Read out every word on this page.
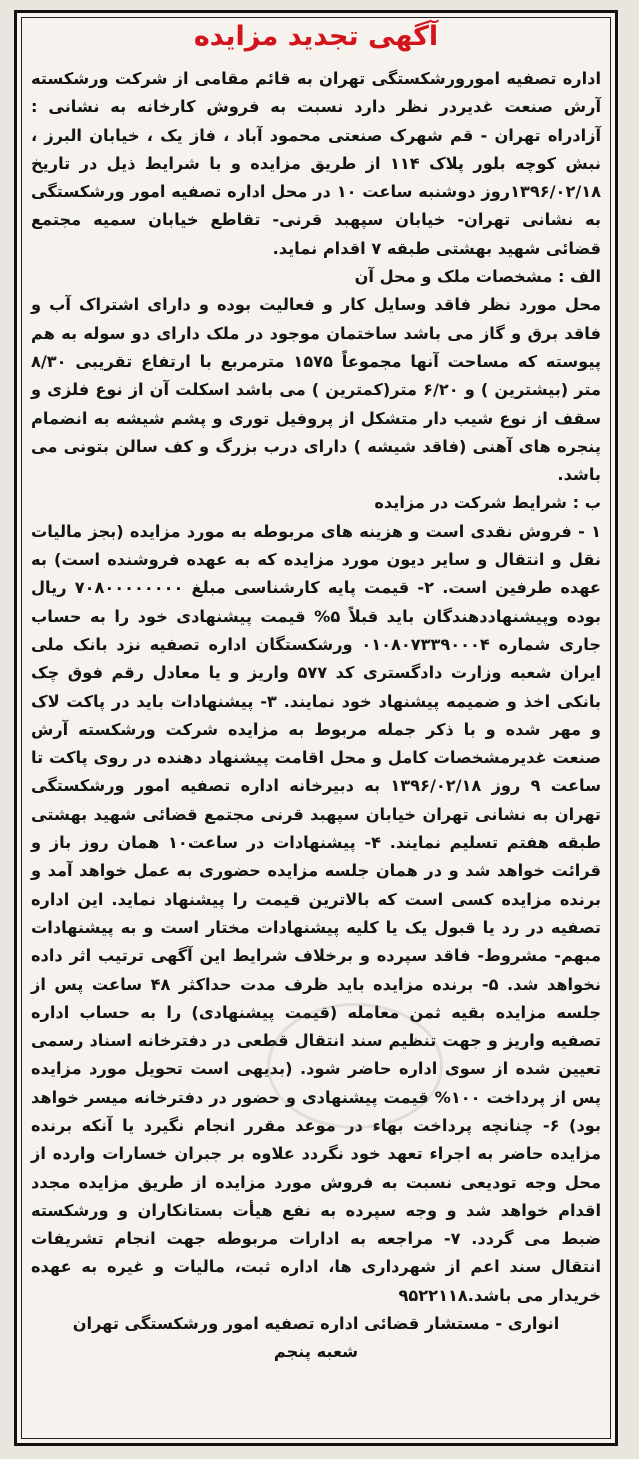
آگهی تجدید مزایده

اداره تصفیه امورورشکستگی تهران به قائم مقامی از شرکت ورشکسته آرش صنعت غدیردر نظر دارد نسبت به فروش کارخانه به نشانی : آزادراه تهران - قم شهرک صنعتی محمود آباد ، فاز یک ، خیابان البرز ، نبش کوچه بلور پلاک ۱۱۴ از طریق مزایده و با شرایط ذیل در تاریخ ۱۳۹۶/۰۲/۱۸روز دوشنبه ساعت ۱۰ در محل اداره تصفیه امور ورشکستگی به نشانی تهران- خیابان سپهبد قرنی- تقاطع خیابان سمیه مجتمع قضائی شهید بهشتی طبقه ۷ اقدام نماید.

الف : مشخصات ملک و محل آن

محل مورد نظر فاقد وسایل کار و فعالیت بوده و دارای اشتراک آب و فاقد برق و گاز می باشد ساختمان موجود در ملک دارای دو سوله به هم پیوسته که مساحت آنها مجموعاً ۱۵۷۵ مترمربع با ارتفاع تقریبی ۸/۳۰ متر (بیشترین ) و ۶/۲۰ متر(کمترین ) می باشد اسکلت آن از نوع فلزی و سقف از نوع شیب دار متشکل از پروفیل توری و پشم شیشه به انضمام پنجره های آهنی (فاقد شیشه ) دارای درب بزرگ و کف سالن بتونی می باشد.

ب : شرایط شرکت در مزایده

۱ - فروش نقدی است و هزینه های مربوطه به مورد مزایده (بجز مالیات نقل و انتقال و سایر دیون مورد مزایده که به عهده فروشنده است) به عهده طرفین است. ۲- قیمت پایه کارشناسی مبلغ ۷۰۸۰۰۰۰۰۰۰۰ ریال بوده وپیشنهاددهندگان باید قبلاً ۵% قیمت پیشنهادی خود را به حساب جاری شماره ۰۱۰۸۰۷۳۳۹۰۰۰۴ ورشکستگان اداره تصفیه نزد بانک ملی ایران شعبه وزارت دادگستری کد ۵۷۷ واریز و یا معادل رقم فوق چک بانکی اخذ و ضمیمه پیشنهاد خود نمایند. ۳- پیشنهادات باید در پاکت لاک و مهر شده و با ذکر جمله مربوط به مزایده شرکت ورشکسته آرش صنعت غدیرمشخصات کامل و محل اقامت پیشنهاد دهنده در روی پاکت تا ساعت ۹ روز ۱۳۹۶/۰۲/۱۸ به دبیرخانه اداره تصفیه امور ورشکستگی تهران به نشانی تهران خیابان سپهبد قرنی مجتمع قضائی شهید بهشتی طبقه هفتم تسلیم نمایند. ۴- پیشنهادات در ساعت۱۰ همان روز باز و قرائت خواهد شد و در همان جلسه مزایده حضوری به عمل خواهد آمد و برنده مزایده کسی است که بالاترین قیمت را پیشنهاد نماید. این اداره تصفیه در رد یا قبول یک یا کلیه پیشنهادات مختار است و به پیشنهادات مبهم- مشروط- فاقد سپرده و برخلاف شرایط این آگهی ترتیب اثر داده نخواهد شد. ۵- برنده مزایده باید ظرف مدت حداکثر ۴۸ ساعت پس از جلسه مزایده بقیه ثمن معامله (قیمت پیشنهادی) را به حساب اداره تصفیه واریز و جهت تنظیم سند انتقال قطعی در دفترخانه اسناد رسمی تعیین شده از سوی اداره حاضر شود. (بدیهی است تحویل مورد مزایده پس از پرداخت ۱۰۰% قیمت پیشنهادی و حضور در دفترخانه میسر خواهد بود) ۶- چنانچه پرداخت بهاء در موعد مقرر انجام نگیرد یا آنکه برنده مزایده حاضر به اجراء تعهد خود نگردد علاوه بر جبران خسارات وارده از محل وجه تودیعی نسبت به فروش مورد مزایده از طریق مزایده مجدد اقدام خواهد شد و وجه سپرده به نفع هیأت بستانکاران و ورشکسته ضبط می گردد. ۷- مراجعه به ادارات مربوطه جهت انجام تشریفات انتقال سند اعم از شهرداری ها، اداره ثبت، مالیات و غیره به عهده خریدار می باشد.۹۵۲۲۱۱۸

انواری - مستشار قضائی اداره تصفیه امور ورشکستگی تهران

شعبه پنجم
